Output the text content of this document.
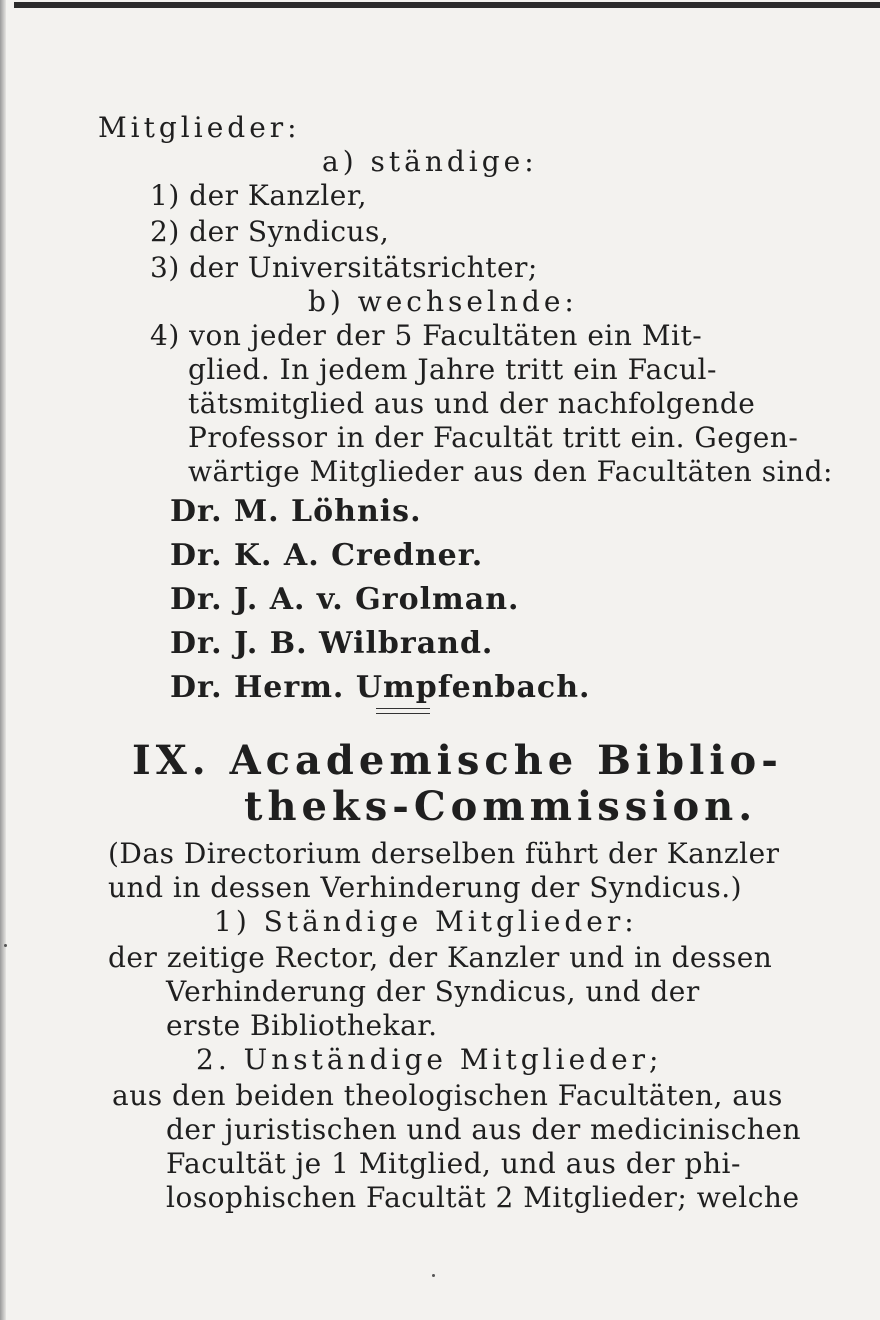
Mitglieder:
a) ständige:
1) der Kanzler,
2) der Syndicus,
3) der Universitätsrichter;
b) wechselnde:
4) von jeder der 5 Facultäten ein Mit-
glied. In jedem Jahre tritt ein Facul-
tätsmitglied aus und der nachfolgende
Professor in der Facultät tritt ein. Gegen-
wärtige Mitglieder aus den Facultäten sind:
Dr. M. Löhnis.
Dr. K. A. Credner.
Dr. J. A. v. Grolman.
Dr. J. B. Wilbrand.
Dr. Herm. Umpfenbach.
IX. Academische Biblio-
theks-Commission.
(Das Directorium derselben führt der Kanzler
und in dessen Verhinderung der Syndicus.)
1) Ständige Mitglieder:
der zeitige Rector, der Kanzler und in dessen
Verhinderung der Syndicus, und der
erste Bibliothekar.
2. Unständige Mitglieder;
aus den beiden theologischen Facultäten, aus
der juristischen und aus der medicinischen
Facultät je 1 Mitglied, und aus der phi-
losophischen Facultät 2 Mitglieder; welche
